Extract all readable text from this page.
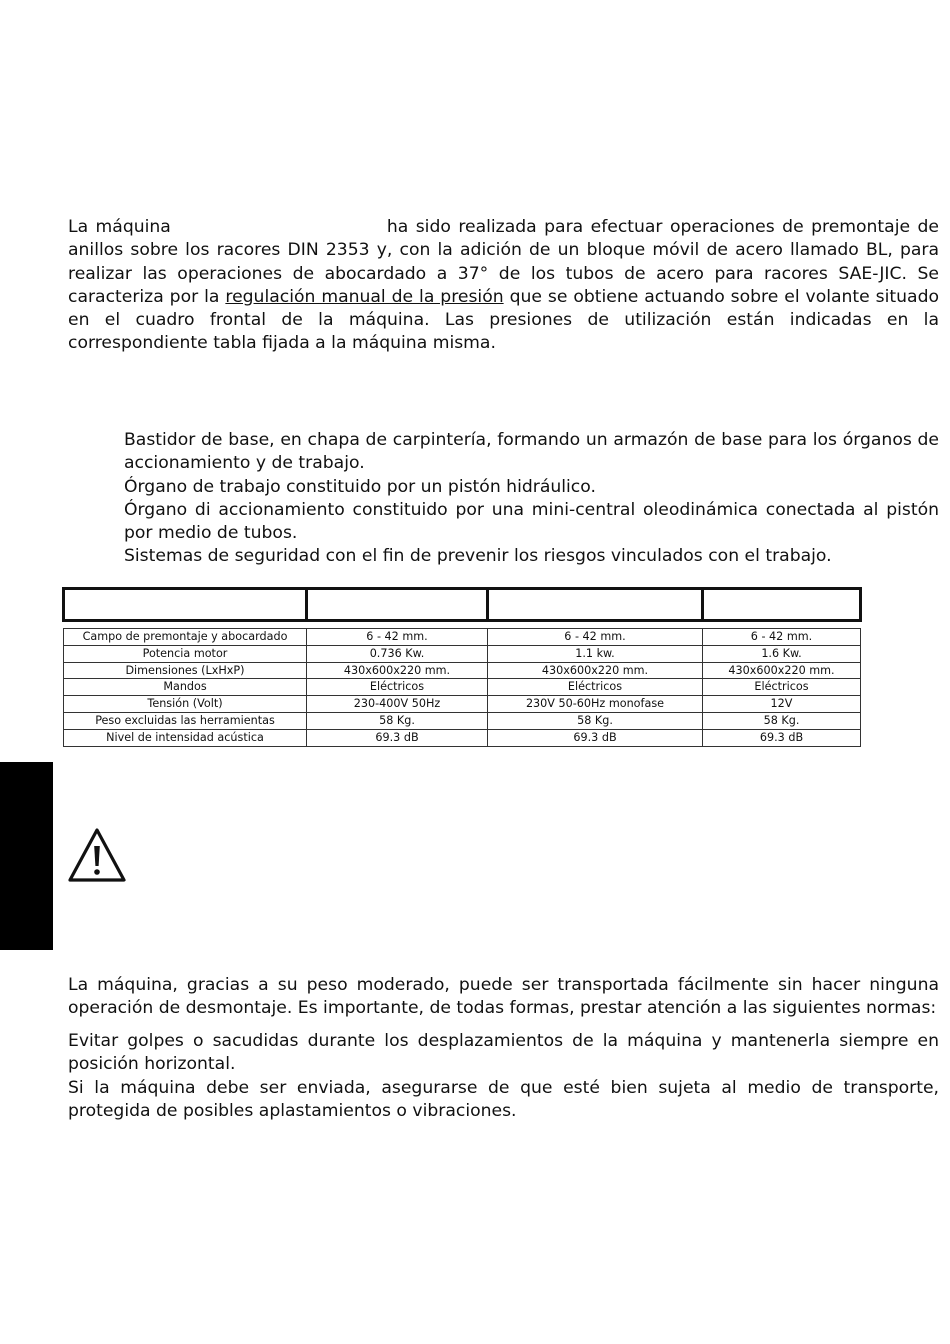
La máquina	ha sido realizada para efectuar operaciones de premontaje de anillos sobre los racores DIN 2353 y, con la adición de un bloque móvil de acero llamado BL, para realizar las operaciones de abocardado a 37° de los tubos de acero para racores SAE-JIC. Se caracteriza por la regulación manual de la presión que se obtiene actuando sobre el volante situado en el cuadro frontal de la máquina. Las presiones de utilización están indicadas en la correspondiente tabla fijada a la máquina misma.
Bastidor de base, en chapa de carpintería, formando un armazón de base para los órganos de accionamiento y de trabajo.
Órgano de trabajo constituido por un pistón hidráulico.
Órgano di accionamiento constituido por una mini-central oleodinámica conectada al pistón por medio de tubos.
Sistemas de seguridad con el fin de prevenir los riesgos vinculados con el trabajo.

Campo de premontaje y abocardado	6 - 42 mm.	6 - 42 mm.	6 - 42 mm.
Potencia motor	0.736 Kw.	1.1 kw.	1.6 Kw.
Dimensiones (LxHxP)	430x600x220 mm.	430x600x220 mm.	430x600x220 mm.
Mandos	Eléctricos	Eléctricos	Eléctricos
Tensión (Volt)	230-400V 50Hz	230V 50-60Hz monofase	12V
Peso excluidas las herramientas	58 Kg.	58 Kg.	58 Kg.
Nivel de intensidad acústica	69.3 dB	69.3 dB	69.3 dB
La máquina, gracias a su peso moderado, puede ser transportada fácilmente sin hacer ninguna operación de desmontaje. Es importante, de todas formas, prestar atención a las siguientes normas:
Evitar golpes o sacudidas durante los desplazamientos de la máquina y mantenerla siempre en posición horizontal.
Si la máquina debe ser enviada, asegurarse de que esté bien sujeta al medio de transporte, protegida de posibles aplastamientos o vibraciones.
